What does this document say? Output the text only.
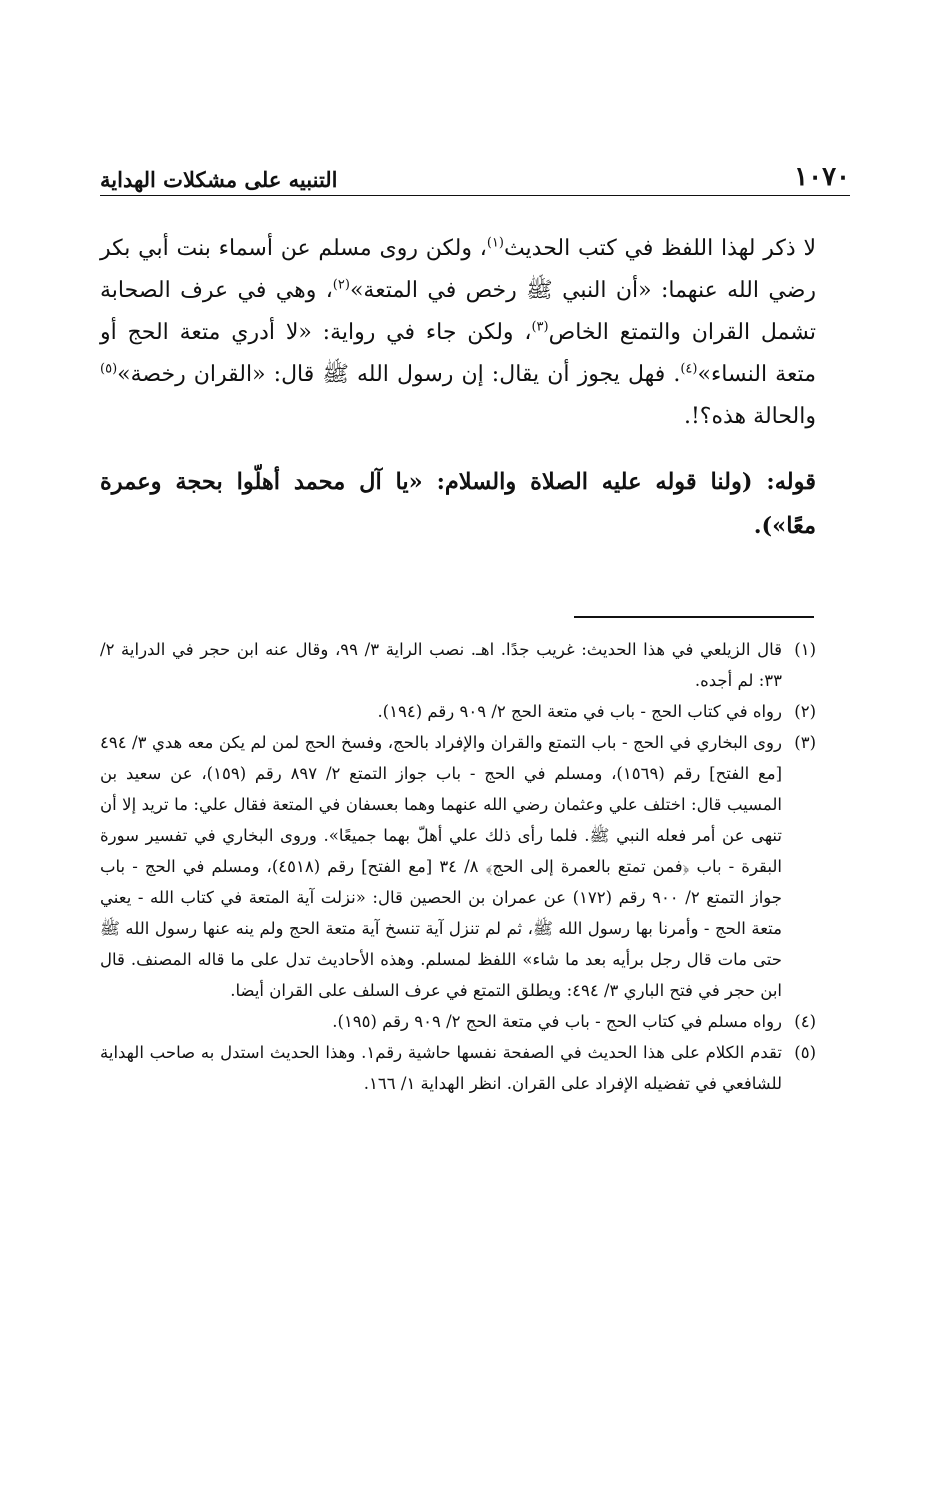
١٠٧٠
التنبيه على مشكلات الهداية

لا ذكر لهذا اللفظ في كتب الحديث$^{(١)}$، ولكن روى مسلم عن أسماء بنت أبي بكر رضي الله عنهما: «أن النبي ﷺ رخص في المتعة»$^{(٢)}$، وهي في عرف الصحابة تشمل القران والتمتع الخاص$^{(٣)}$، ولكن جاء في رواية: «لا أدري متعة الحج أو متعة النساء»$^{(٤)}$. فهل يجوز أن يقال: إن رسول الله ﷺ قال: «القران رخصة»$^{(٥)}$ والحالة هذه؟!.

قوله: (ولنا قوله عليه الصلاة والسلام: «يا آل محمد أهلّوا بحجة وعمرة معًا»).

(١)
قال الزيلعي في هذا الحديث: غريب جدًا. اهـ. نصب الراية ٣/ ٩٩، وقال عنه ابن حجر في الدراية ٢/ ٣٣: لم أجده.
(٢)
رواه في كتاب الحج - باب في متعة الحج ٢/ ٩٠٩ رقم (١٩٤).
(٣)
روى البخاري في الحج - باب التمتع والقران والإفراد بالحج، وفسخ الحج لمن لم يكن معه هدي ٣/ ٤٩٤ [مع الفتح] رقم (١٥٦٩)، ومسلم في الحج - باب جواز التمتع ٢/ ٨٩٧ رقم (١٥٩)، عن سعيد بن المسيب قال: اختلف علي وعثمان رضي الله عنهما وهما بعسفان في المتعة فقال علي: ما تريد إلا أن تنهى عن أمر فعله النبي ﷺ. فلما رأى ذلك علي أهلّ بهما جميعًا». وروى البخاري في تفسير سورة البقرة - باب ﴿فمن تمتع بالعمرة إلى الحج﴾ ٨/ ٣٤ [مع الفتح] رقم (٤٥١٨)، ومسلم في الحج - باب جواز التمتع ٢/ ٩٠٠ رقم (١٧٢) عن عمران بن الحصين قال: «نزلت آية المتعة في كتاب الله - يعني متعة الحج - وأمرنا بها رسول الله ﷺ، ثم لم تنزل آية تنسخ آية متعة الحج ولم ينه عنها رسول الله ﷺ حتى مات قال رجل برأيه بعد ما شاء» اللفظ لمسلم. وهذه الأحاديث تدل على ما قاله المصنف. قال ابن حجر في فتح الباري ٣/ ٤٩٤: ويطلق التمتع في عرف السلف على القران أيضا.
(٤)
رواه مسلم في كتاب الحج - باب في متعة الحج ٢/ ٩٠٩ رقم (١٩٥).
(٥)
تقدم الكلام على هذا الحديث في الصفحة نفسها حاشية رقم١. وهذا الحديث استدل به صاحب الهداية للشافعي في تفضيله الإفراد على القران. انظر الهداية ١/ ١٦٦.
